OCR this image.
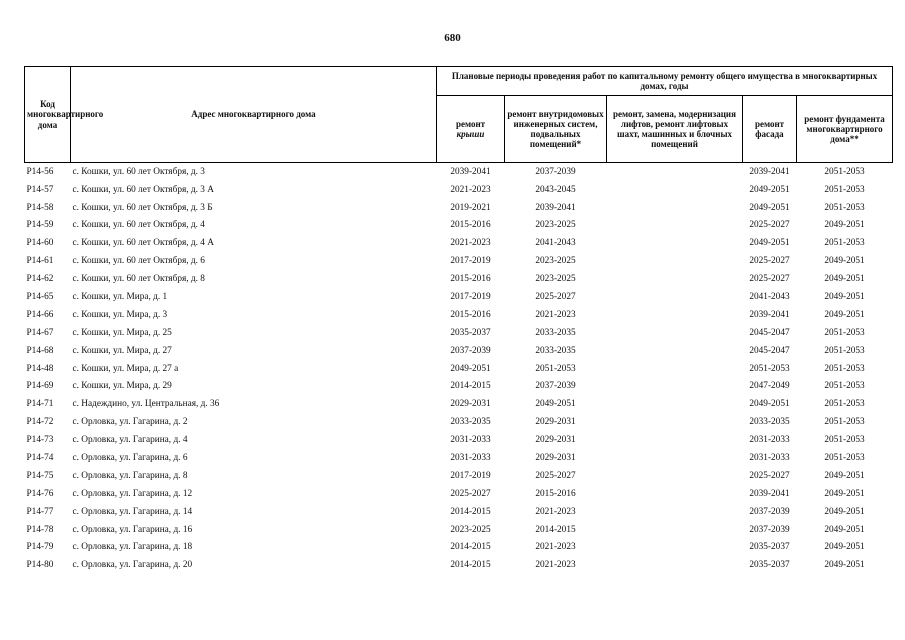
680
Код многоквартирного дома	Адрес многоквартирного дома	Плановые периоды проведения работ по капитальному ремонту общего имущества в многоквартирных домах, годы				
		ремонт
крыши	ремонт внутридомовых инженерных систем, подвальных помещений*	ремонт, замена, модернизация лифтов, ремонт лифтовых шахт, машинных и блочных помещений	ремонт фасада	ремонт фундамента многоквартирного дома**
P14-56	с. Кошки, ул. 60 лет Октября, д. 3	2039-2041	2037-2039		2039-2041	2051-2053
P14-57	с. Кошки, ул. 60 лет Октября, д. 3 А	2021-2023	2043-2045		2049-2051	2051-2053
P14-58	с. Кошки, ул. 60 лет Октября, д. 3 Б	2019-2021	2039-2041		2049-2051	2051-2053
P14-59	с. Кошки, ул. 60 лет Октября, д. 4	2015-2016	2023-2025		2025-2027	2049-2051
P14-60	с. Кошки, ул. 60 лет Октября, д. 4 А	2021-2023	2041-2043		2049-2051	2051-2053
P14-61	с. Кошки, ул. 60 лет Октября, д. 6	2017-2019	2023-2025		2025-2027	2049-2051
P14-62	с. Кошки, ул. 60 лет Октября, д. 8	2015-2016	2023-2025		2025-2027	2049-2051
P14-65	с. Кошки, ул. Мира, д. 1	2017-2019	2025-2027		2041-2043	2049-2051
P14-66	с. Кошки, ул. Мира, д. 3	2015-2016	2021-2023		2039-2041	2049-2051
P14-67	с. Кошки, ул. Мира, д. 25	2035-2037	2033-2035		2045-2047	2051-2053
P14-68	с. Кошки, ул. Мира, д. 27	2037-2039	2033-2035		2045-2047	2051-2053
P14-48	с. Кошки, ул. Мира, д. 27 а	2049-2051	2051-2053		2051-2053	2051-2053
P14-69	с. Кошки, ул. Мира, д. 29	2014-2015	2037-2039		2047-2049	2051-2053
P14-71	с. Надеждино, ул. Центральная, д. 36	2029-2031	2049-2051		2049-2051	2051-2053
P14-72	с. Орловка, ул. Гагарина, д. 2	2033-2035	2029-2031		2033-2035	2051-2053
P14-73	с. Орловка, ул. Гагарина, д. 4	2031-2033	2029-2031		2031-2033	2051-2053
P14-74	с. Орловка, ул. Гагарина, д. 6	2031-2033	2029-2031		2031-2033	2051-2053
P14-75	с. Орловка, ул. Гагарина, д. 8	2017-2019	2025-2027		2025-2027	2049-2051
P14-76	с. Орловка, ул. Гагарина, д. 12	2025-2027	2015-2016		2039-2041	2049-2051
P14-77	с. Орловка, ул. Гагарина, д. 14	2014-2015	2021-2023		2037-2039	2049-2051
P14-78	с. Орловка, ул. Гагарина, д. 16	2023-2025	2014-2015		2037-2039	2049-2051
P14-79	с. Орловка, ул. Гагарина, д. 18	2014-2015	2021-2023		2035-2037	2049-2051
P14-80	с. Орловка, ул. Гагарина, д. 20	2014-2015	2021-2023		2035-2037	2049-2051
